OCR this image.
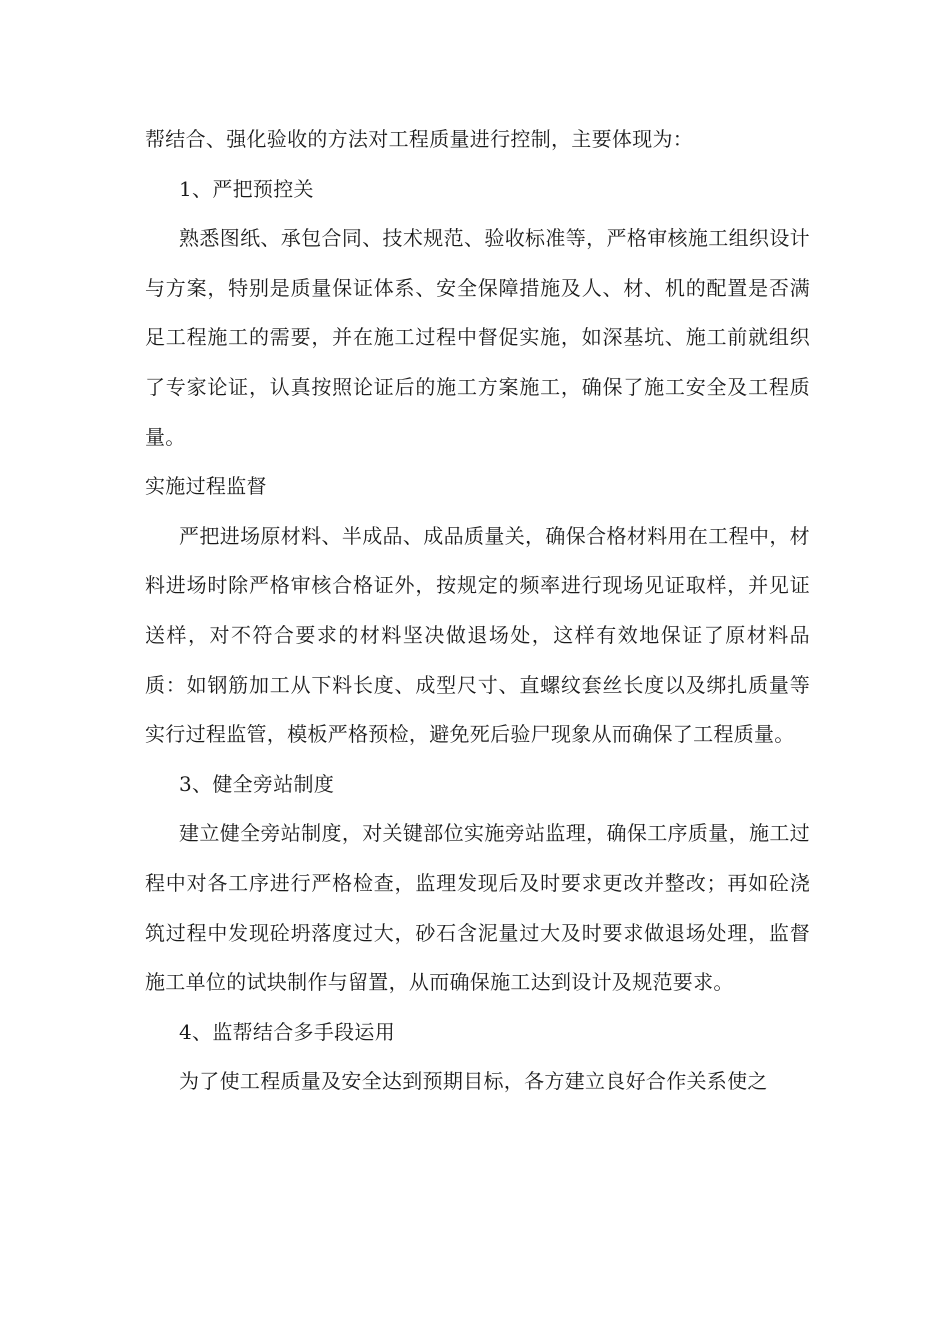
帮结合、强化验收的方法对工程质量进行控制，主要体现为：

1、严把预控关

熟悉图纸、承包合同、技术规范、验收标准等，严格审核施工组织设计与方案，特别是质量保证体系、安全保障措施及人、材、机的配置是否满足工程施工的需要，并在施工过程中督促实施，如深基坑、施工前就组织了专家论证，认真按照论证后的施工方案施工，确保了施工安全及工程质量。

实施过程监督

严把进场原材料、半成品、成品质量关，确保合格材料用在工程中，材料进场时除严格审核合格证外，按规定的频率进行现场见证取样，并见证送样，对不符合要求的材料坚决做退场处，这样有效地保证了原材料品质：如钢筋加工从下料长度、成型尺寸、直螺纹套丝长度以及绑扎质量等实行过程监管，模板严格预检，避免死后验尸现象从而确保了工程质量。

3、健全旁站制度

建立健全旁站制度，对关键部位实施旁站监理，确保工序质量，施工过程中对各工序进行严格检查，监理发现后及时要求更改并整改；再如砼浇筑过程中发现砼坍落度过大，砂石含泥量过大及时要求做退场处理，监督施工单位的试块制作与留置，从而确保施工达到设计及规范要求。

4、监帮结合多手段运用

为了使工程质量及安全达到预期目标，各方建立良好合作关系使之
